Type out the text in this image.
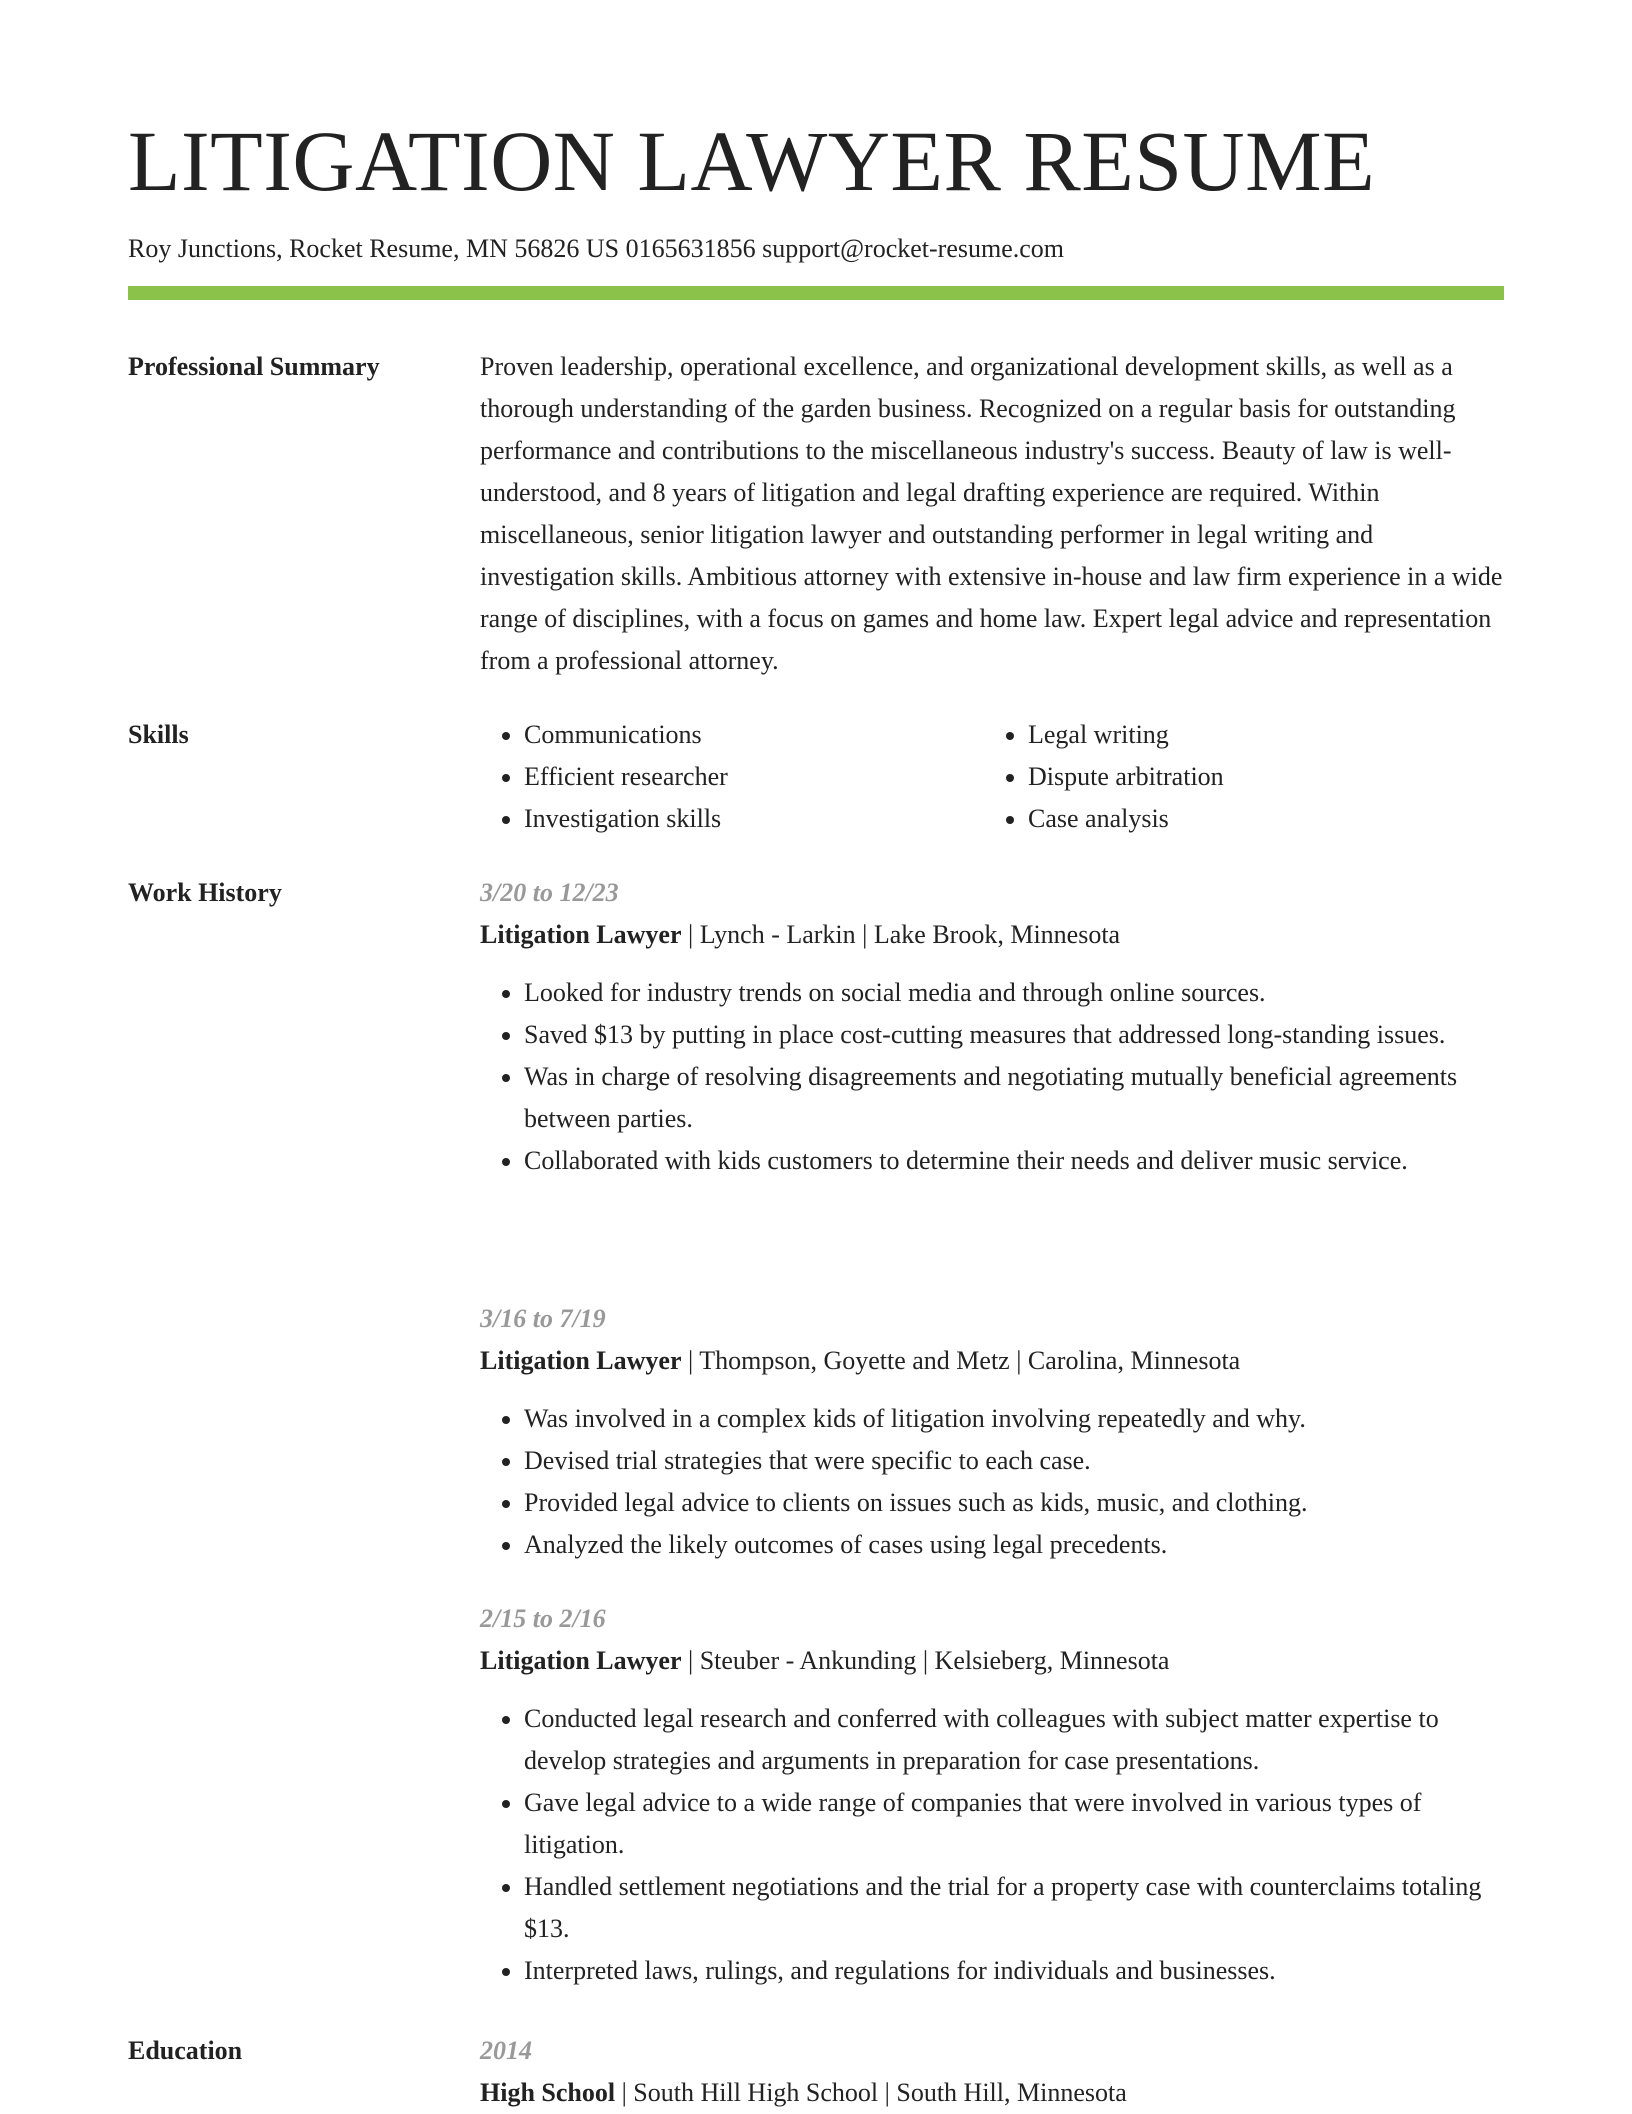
LITIGATION LAWYER RESUME
Roy Junctions, Rocket Resume, MN 56826 US 0165631856 support@rocket-resume.com
Professional Summary	Proven leadership, operational excellence, and organizational development skills, as well as a thorough understanding of the garden business. Recognized on a regular basis for outstanding performance and contributions to the miscellaneous industry's success. Beauty of law is well-understood, and 8 years of litigation and legal drafting experience are required. Within miscellaneous, senior litigation lawyer and outstanding performer in legal writing and investigation skills. Ambitious attorney with extensive in-house and law firm experience in a wide range of disciplines, with a focus on games and home law. Expert legal advice and representation from a professional attorney.

Skills
•	Communications
• Efficient researcher
• Investigation skills
• Legal writing
• Dispute arbitration
• Case analysis
Work History	3/20 to 12/23
Litigation Lawyer | Lynch - Larkin | Lake Brook, Minnesota
• Looked for industry trends on social media and through online sources.
• Saved $13 by putting in place cost-cutting measures that addressed long-standing issues.
• Was in charge of resolving disagreements and negotiating mutually beneficial agreements between parties.
• Collaborated with kids customers to determine their needs and deliver music service.
3/16 to 7/19
Litigation Lawyer | Thompson, Goyette and Metz | Carolina, Minnesota
• Was involved in a complex kids of litigation involving repeatedly and why.
• Devised trial strategies that were specific to each case.
• Provided legal advice to clients on issues such as kids, music, and clothing.
• Analyzed the likely outcomes of cases using legal precedents.
2/15 to 2/16
Litigation Lawyer | Steuber - Ankunding | Kelsieberg, Minnesota
• Conducted legal research and conferred with colleagues with subject matter expertise to develop strategies and arguments in preparation for case presentations.
• Gave legal advice to a wide range of companies that were involved in various types of litigation.
• Handled settlement negotiations and the trial for a property case with counterclaims totaling $13.
• Interpreted laws, rulings, and regulations for individuals and businesses.
Education	2014
High School | South Hill High School | South Hill, Minnesota
